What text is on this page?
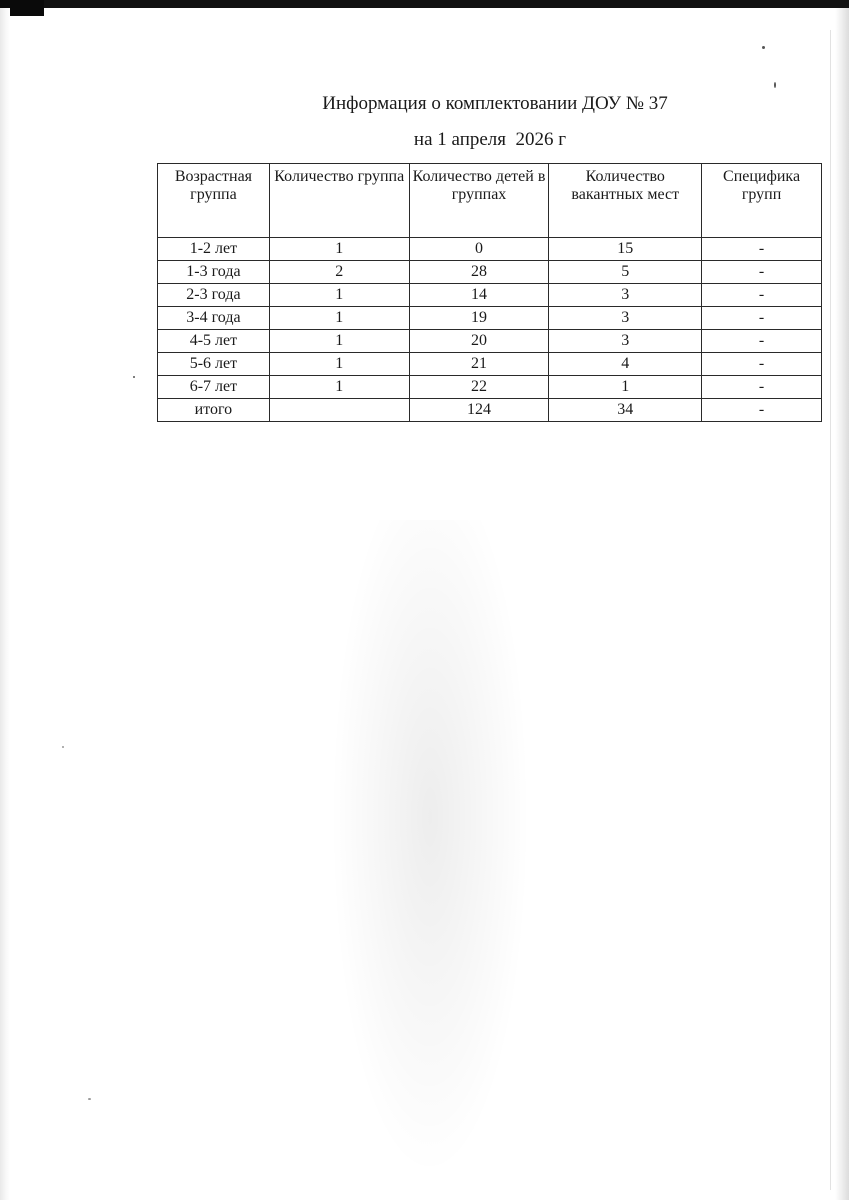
Информация о комплектовании ДОУ № 37
на 1 апреля  2026 г
Возрастная группа	Количество группа	Количество детей в группах	Количество вакантных мест	Специфика групп
1-2 лет	1	0	15	-
1-3 года	2	28	5	-
2-3 года	1	14	3	-
3-4 года	1	19	3	-
4-5 лет	1	20	3	-
5-6 лет	1	21	4	-
6-7 лет	1	22	1	-
итого		124	34	-
